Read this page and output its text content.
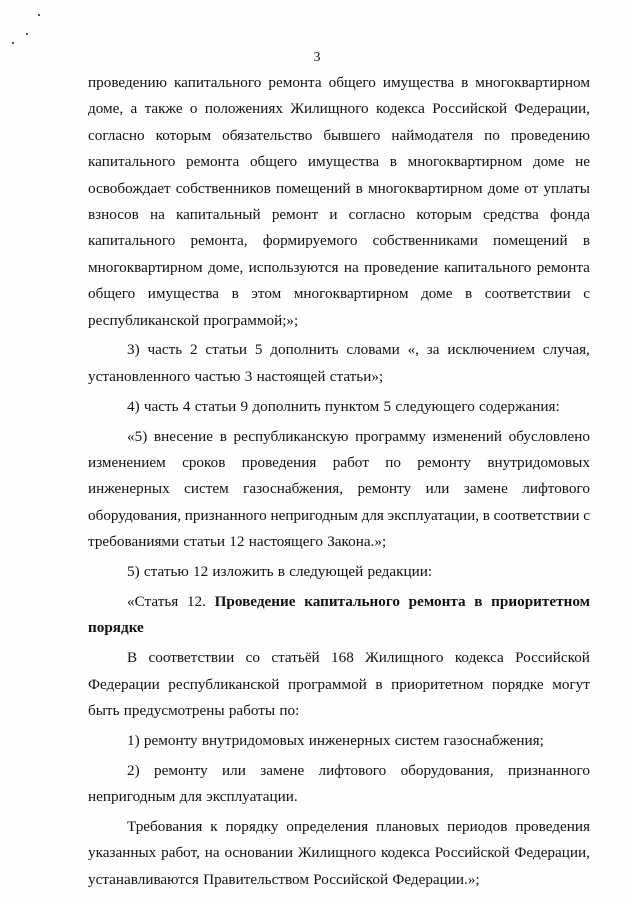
3
проведению капитального ремонта общего имущества в многоквартирном
доме, а также о положениях Жилищного кодекса Российской Федерации,
согласно которым обязательство бывшего наймодателя по проведению
капитального ремонта общего имущества в многоквартирном доме не
освобождает собственников помещений в многоквартирном доме от уплаты
взносов на капитальный ремонт и согласно которым средства фонда
капитального ремонта, формируемого собственниками помещений в
многоквартирном доме, используются на проведение капитального ремонта
общего имущества в этом многоквартирном доме в соответствии с
республиканской программой;»;
3) часть 2 статьи 5 дополнить словами «, за исключением случая,
установленного частью 3 настоящей статьи»;
4) часть 4 статьи 9 дополнить пунктом 5 следующего содержания:
«5) внесение в республиканскую программу изменений обусловлено
изменением сроков проведения работ по ремонту внутридомовых
инженерных систем газоснабжения, ремонту или замене лифтового
оборудования, признанного непригодным для эксплуатации, в соответствии с
требованиями статьи 12 настоящего Закона.»;
5) статью 12 изложить в следующей редакции:
«Статья 12. Проведение капитального ремонта в приоритетном
порядке
В соответствии со статьёй 168 Жилищного кодекса Российской
Федерации республиканской программой в приоритетном порядке могут
быть предусмотрены работы по:
1) ремонту внутридомовых инженерных систем газоснабжения;
2) ремонту или замене лифтового оборудования, признанного
непригодным для эксплуатации.
Требования к порядку определения плановых периодов проведения
указанных работ, на основании Жилищного кодекса Российской Федерации,
устанавливаются Правительством Российской Федерации.»;
